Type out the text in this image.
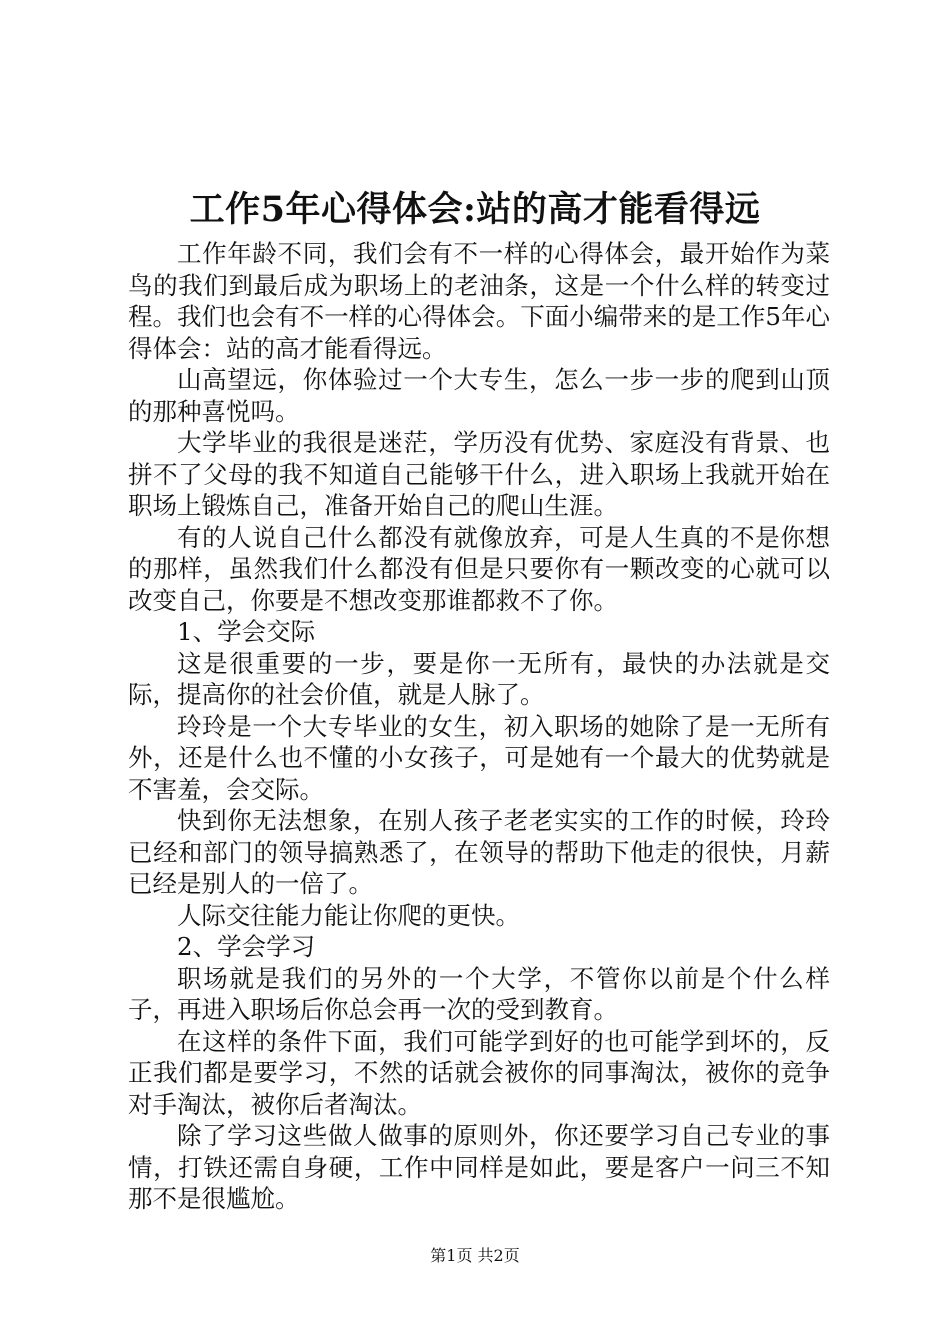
工作5年心得体会:站的高才能看得远

工作年龄不同，我们会有不一样的心得体会，最开始作为菜鸟的我们到最后成为职场上的老油条，这是一个什么样的转变过程。我们也会有不一样的心得体会。下面小编带来的是工作5年心得体会：站的高才能看得远。

山高望远，你体验过一个大专生，怎么一步一步的爬到山顶的那种喜悦吗。

大学毕业的我很是迷茫，学历没有优势、家庭没有背景、也拼不了父母的我不知道自己能够干什么，进入职场上我就开始在职场上锻炼自己，准备开始自己的爬山生涯。

有的人说自己什么都没有就像放弃，可是人生真的不是你想的那样，虽然我们什么都没有但是只要你有一颗改变的心就可以改变自己，你要是不想改变那谁都救不了你。

1、学会交际

这是很重要的一步，要是你一无所有，最快的办法就是交际，提高你的社会价值，就是人脉了。

玲玲是一个大专毕业的女生，初入职场的她除了是一无所有外，还是什么也不懂的小女孩子，可是她有一个最大的优势就是不害羞，会交际。

快到你无法想象，在别人孩子老老实实的工作的时候，玲玲已经和部门的领导搞熟悉了，在领导的帮助下他走的很快，月薪已经是别人的一倍了。

人际交往能力能让你爬的更快。

2、学会学习

职场就是我们的另外的一个大学，不管你以前是个什么样子，再进入职场后你总会再一次的受到教育。

在这样的条件下面，我们可能学到好的也可能学到坏的，反正我们都是要学习，不然的话就会被你的同事淘汰，被你的竞争对手淘汰，被你后者淘汰。

除了学习这些做人做事的原则外，你还要学习自己专业的事情，打铁还需自身硬，工作中同样是如此，要是客户一问三不知那不是很尴尬。

第1页 共2页
